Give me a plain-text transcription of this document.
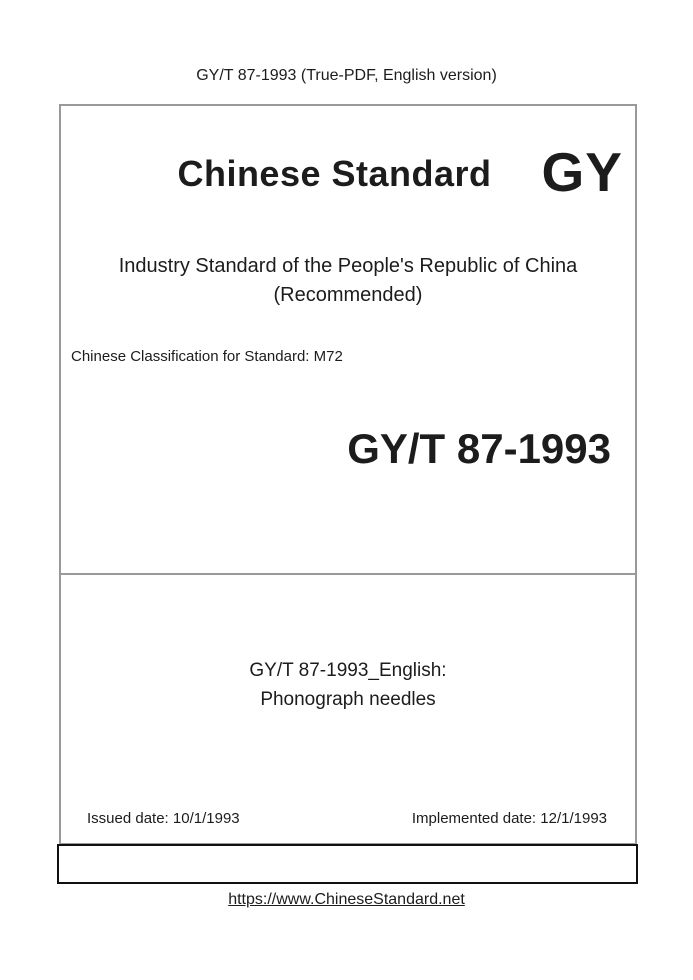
GY/T 87-1993 (True-PDF, English version)
Chinese Standard GY
Industry Standard of the People's Republic of China
(Recommended)
Chinese Classification for Standard: M72
GY/T 87-1993
GY/T 87-1993_English:
Phonograph needles
Issued date: 10/1/1993	Implemented date: 12/1/1993
https://www.ChineseStandard.net
